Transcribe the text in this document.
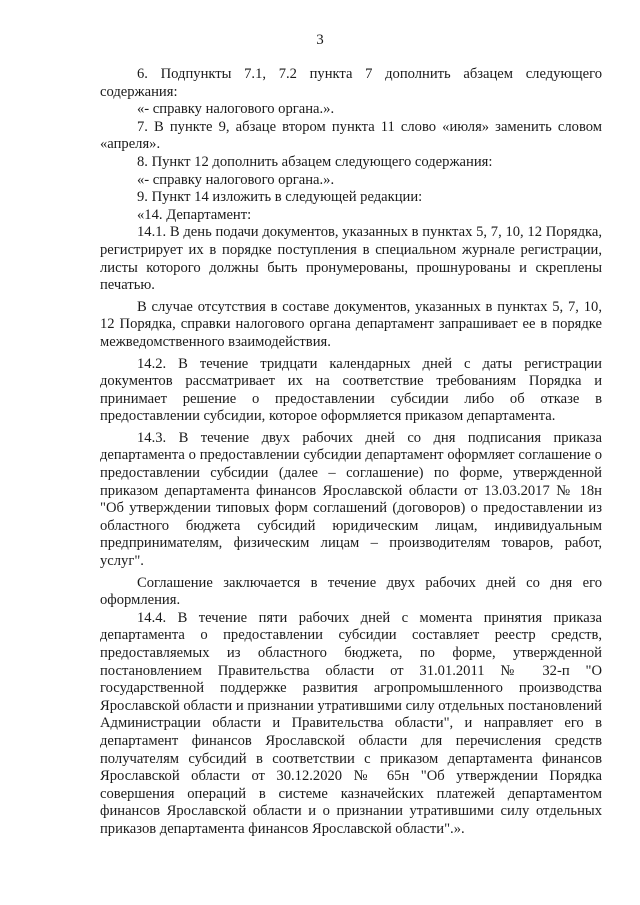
3

6. Подпункты 7.1, 7.2 пункта 7 дополнить абзацем следующего содержания:

«- справку налогового органа.».

7. В пункте 9, абзаце втором пункта 11 слово «июля» заменить словом «апреля».

8. Пункт 12 дополнить абзацем следующего содержания:

«- справку налогового органа.».

9. Пункт 14 изложить в следующей редакции:

«14. Департамент:

14.1. В день подачи документов, указанных в пунктах 5, 7, 10, 12 Порядка, регистрирует их в порядке поступления в специальном журнале регистрации, листы которого должны быть пронумерованы, прошнурованы и скреплены печатью.

В случае отсутствия в составе документов, указанных в пунктах 5, 7, 10, 12 Порядка, справки налогового органа департамент запрашивает ее в порядке межведомственного взаимодействия.

14.2. В течение тридцати календарных дней с даты регистрации документов рассматривает их на соответствие требованиям Порядка и принимает решение о предоставлении субсидии либо об отказе в предоставлении субсидии, которое оформляется приказом департамента.

14.3. В течение двух рабочих дней со дня подписания приказа департамента о предоставлении субсидии департамент оформляет соглашение о предоставлении субсидии (далее – соглашение) по форме, утвержденной приказом департамента финансов Ярославской области от 13.03.2017 № 18н "Об утверждении типовых форм соглашений (договоров) о предоставлении из областного бюджета субсидий юридическим лицам, индивидуальным предпринимателям, физическим лицам – производителям товаров, работ, услуг".

Соглашение заключается в течение двух рабочих дней со дня его оформления.

14.4. В течение пяти рабочих дней с момента принятия приказа департамента о предоставлении субсидии составляет реестр средств, предоставляемых из областного бюджета, по форме, утвержденной постановлением Правительства области от 31.01.2011 № 32-п "О государственной поддержке развития агропромышленного производства Ярославской области и признании утратившими силу отдельных постановлений Администрации области и Правительства области", и направляет его в департамент финансов Ярославской области для перечисления средств получателям субсидий в соответствии с приказом департамента финансов Ярославской области от 30.12.2020 № 65н "Об утверждении Порядка совершения операций в системе казначейских платежей департаментом финансов Ярославской области и о признании утратившими силу отдельных приказов департамента финансов Ярославской области".».
